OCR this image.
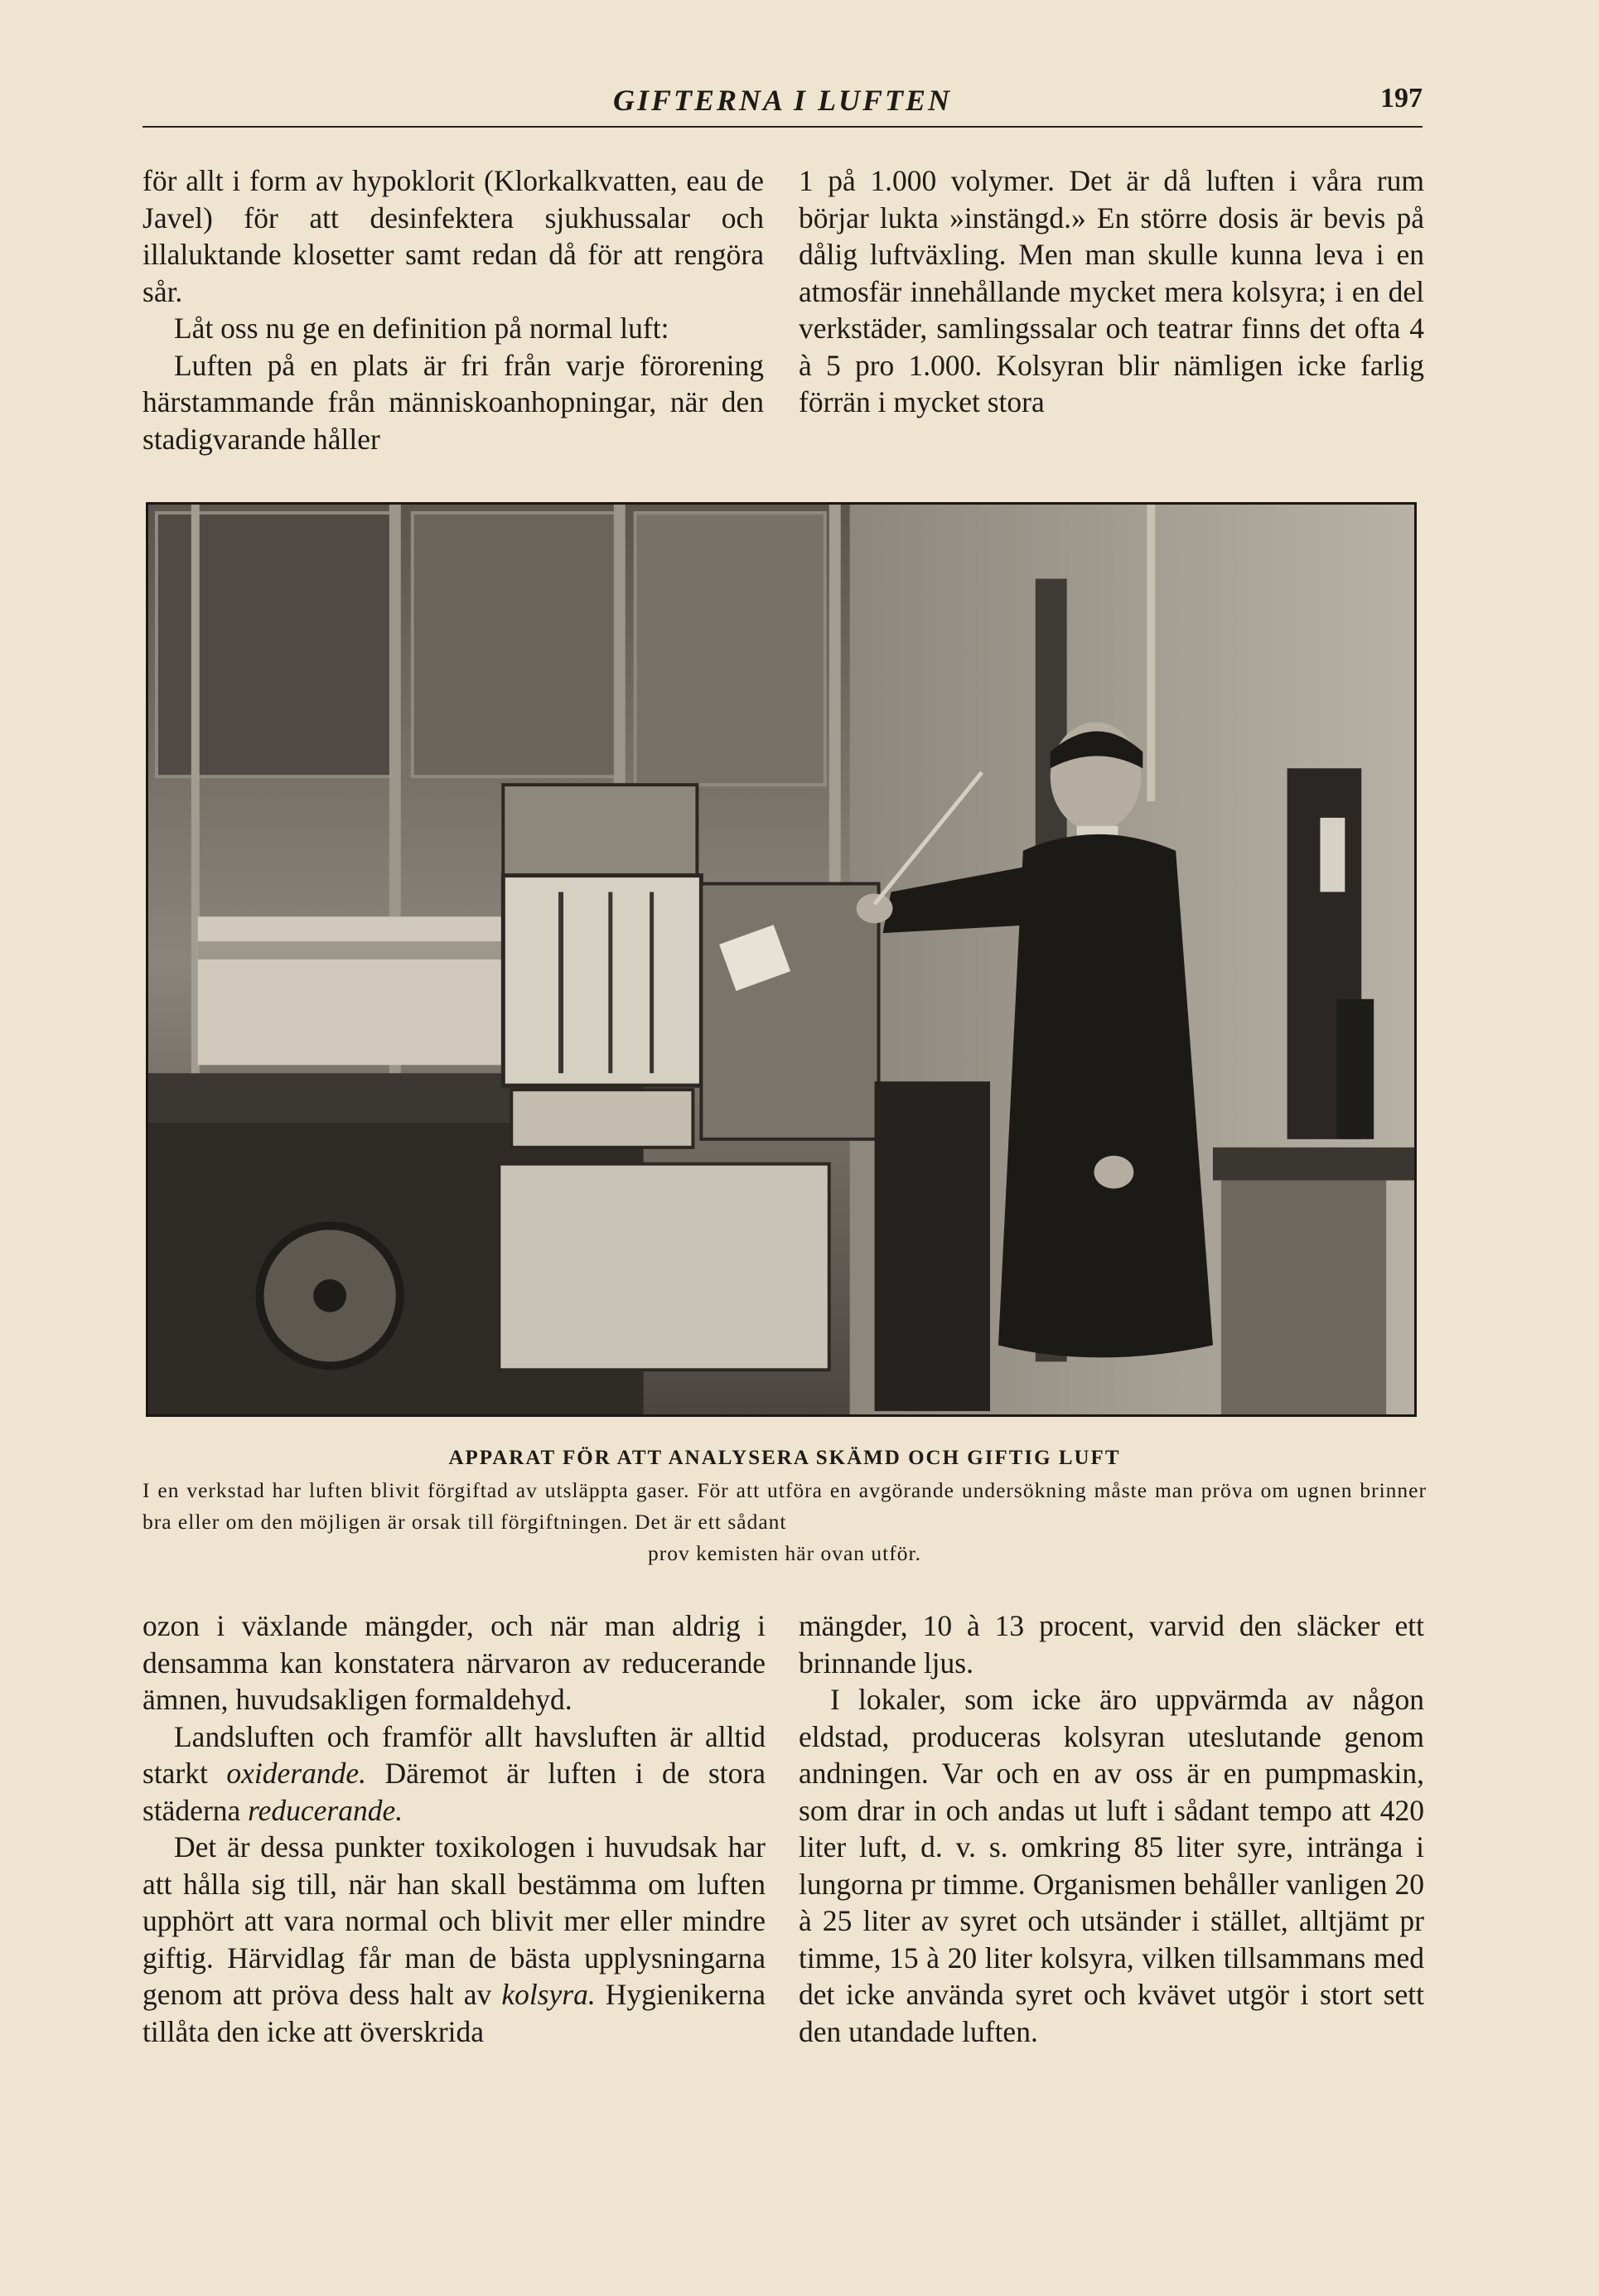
GIFTERNA I LUFTEN	197

för allt i form av hypoklorit (Klorkalkvatten, eau de Javel) för att desinfektera sjukhussalar och illaluktande klosetter samt redan då för att rengöra sår.

Låt oss nu ge en definition på normal luft:

Luften på en plats är fri från varje förorening härstammande från människoanhopningar, när den stadigvarande håller

1 på 1.000 volymer. Det är då luften i våra rum börjar lukta »instängd.» En större dosis är bevis på dålig luftväxling. Men man skulle kunna leva i en atmosfär innehållande mycket mera kolsyra; i en del verkstäder, samlingssalar och teatrar finns det ofta 4 à 5 pro 1.000. Kolsyran blir nämligen icke farlig förrän i mycket stora

APPARAT FÖR ATT ANALYSERA SKÄMD OCH GIFTIG LUFT
I en verkstad har luften blivit förgiftad av utsläppta gaser. För att utföra en avgörande undersökning måste man pröva om ugnen brinner bra eller om den möjligen är orsak till förgiftningen. Det är ett sådant
prov kemisten här ovan utför.

ozon i växlande mängder, och när man aldrig i densamma kan konstatera närvaron av reducerande ämnen, huvudsakligen formaldehyd.

Landsluften och framför allt havsluften är alltid starkt oxiderande. Däremot är luften i de stora städerna reducerande.

Det är dessa punkter toxikologen i huvudsak har att hålla sig till, när han skall bestämma om luften upphört att vara normal och blivit mer eller mindre giftig. Härvidlag får man de bästa upplysningarna genom att pröva dess halt av kolsyra. Hygienikerna tillåta den icke att överskrida

mängder, 10 à 13 procent, varvid den släcker ett brinnande ljus.

I lokaler, som icke äro uppvärmda av någon eldstad, produceras kolsyran uteslutande genom andningen. Var och en av oss är en pumpmaskin, som drar in och andas ut luft i sådant tempo att 420 liter luft, d. v. s. omkring 85 liter syre, intränga i lungorna pr timme. Organismen behåller vanligen 20 à 25 liter av syret och utsänder i stället, alltjämt pr timme, 15 à 20 liter kolsyra, vilken tillsammans med det icke använda syret och kvävet utgör i stort sett den utandade luften.
